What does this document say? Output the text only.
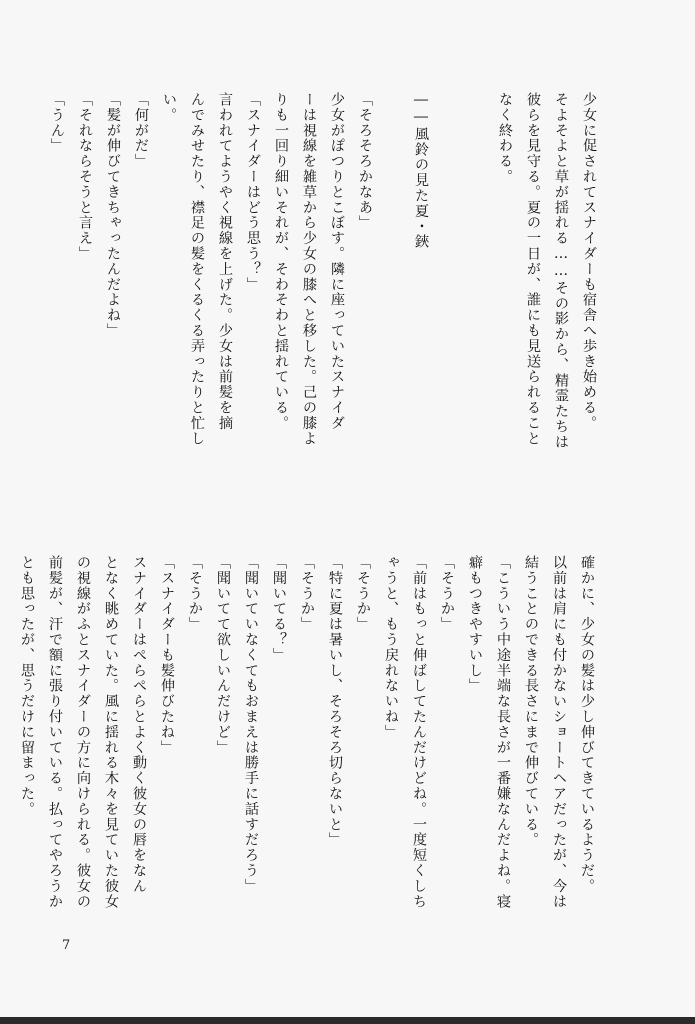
少女に促されてスナイダーも宿舎へ歩き始める。

そよそよと草が揺れる……その影から、精霊たちは

彼らを見守る。夏の一日が、誰にも見送られること

なく終わる。

――風鈴の見た夏・鋏

「そろそろかなあ」

少女がぽつりとこぼす。隣に座っていたスナイダ

ーは視線を雑草から少女の膝へと移した。己の膝よ

りも一回り細いそれが、そわそわと揺れている。

「スナイダーはどう思う？」

言われてようやく視線を上げた。少女は前髪を摘

んでみせたり、襟足の髪をくるくる弄ったりと忙し

い。

「何がだ」

「髪が伸びてきちゃったんだよね」

「それならそうと言え」

「うん」

確かに、少女の髪は少し伸びてきているようだ。

以前は肩にも付かないショートヘアだったが、今は

結うことのできる長さにまで伸びている。

「こういう中途半端な長さが一番嫌なんだよね。寝

癖もつきやすいし」

「そうか」

「前はもっと伸ばしてたんだけどね。一度短くしち

ゃうと、もう戻れないね」

「そうか」

「特に夏は暑いし、そろそろ切らないと」

「そうか」

「聞いてる？」

「聞いていなくてもおまえは勝手に話すだろう」

「聞いてて欲しいんだけど」

「そうか」

「スナイダーも髪伸びたね」

スナイダーはぺらぺらとよく動く彼女の唇をなん

となく眺めていた。風に揺れる木々を見ていた彼女

の視線がふとスナイダーの方に向けられる。彼女の

前髪が、汗で額に張り付いている。払ってやろうか

とも思ったが、思うだけに留まった。

7
